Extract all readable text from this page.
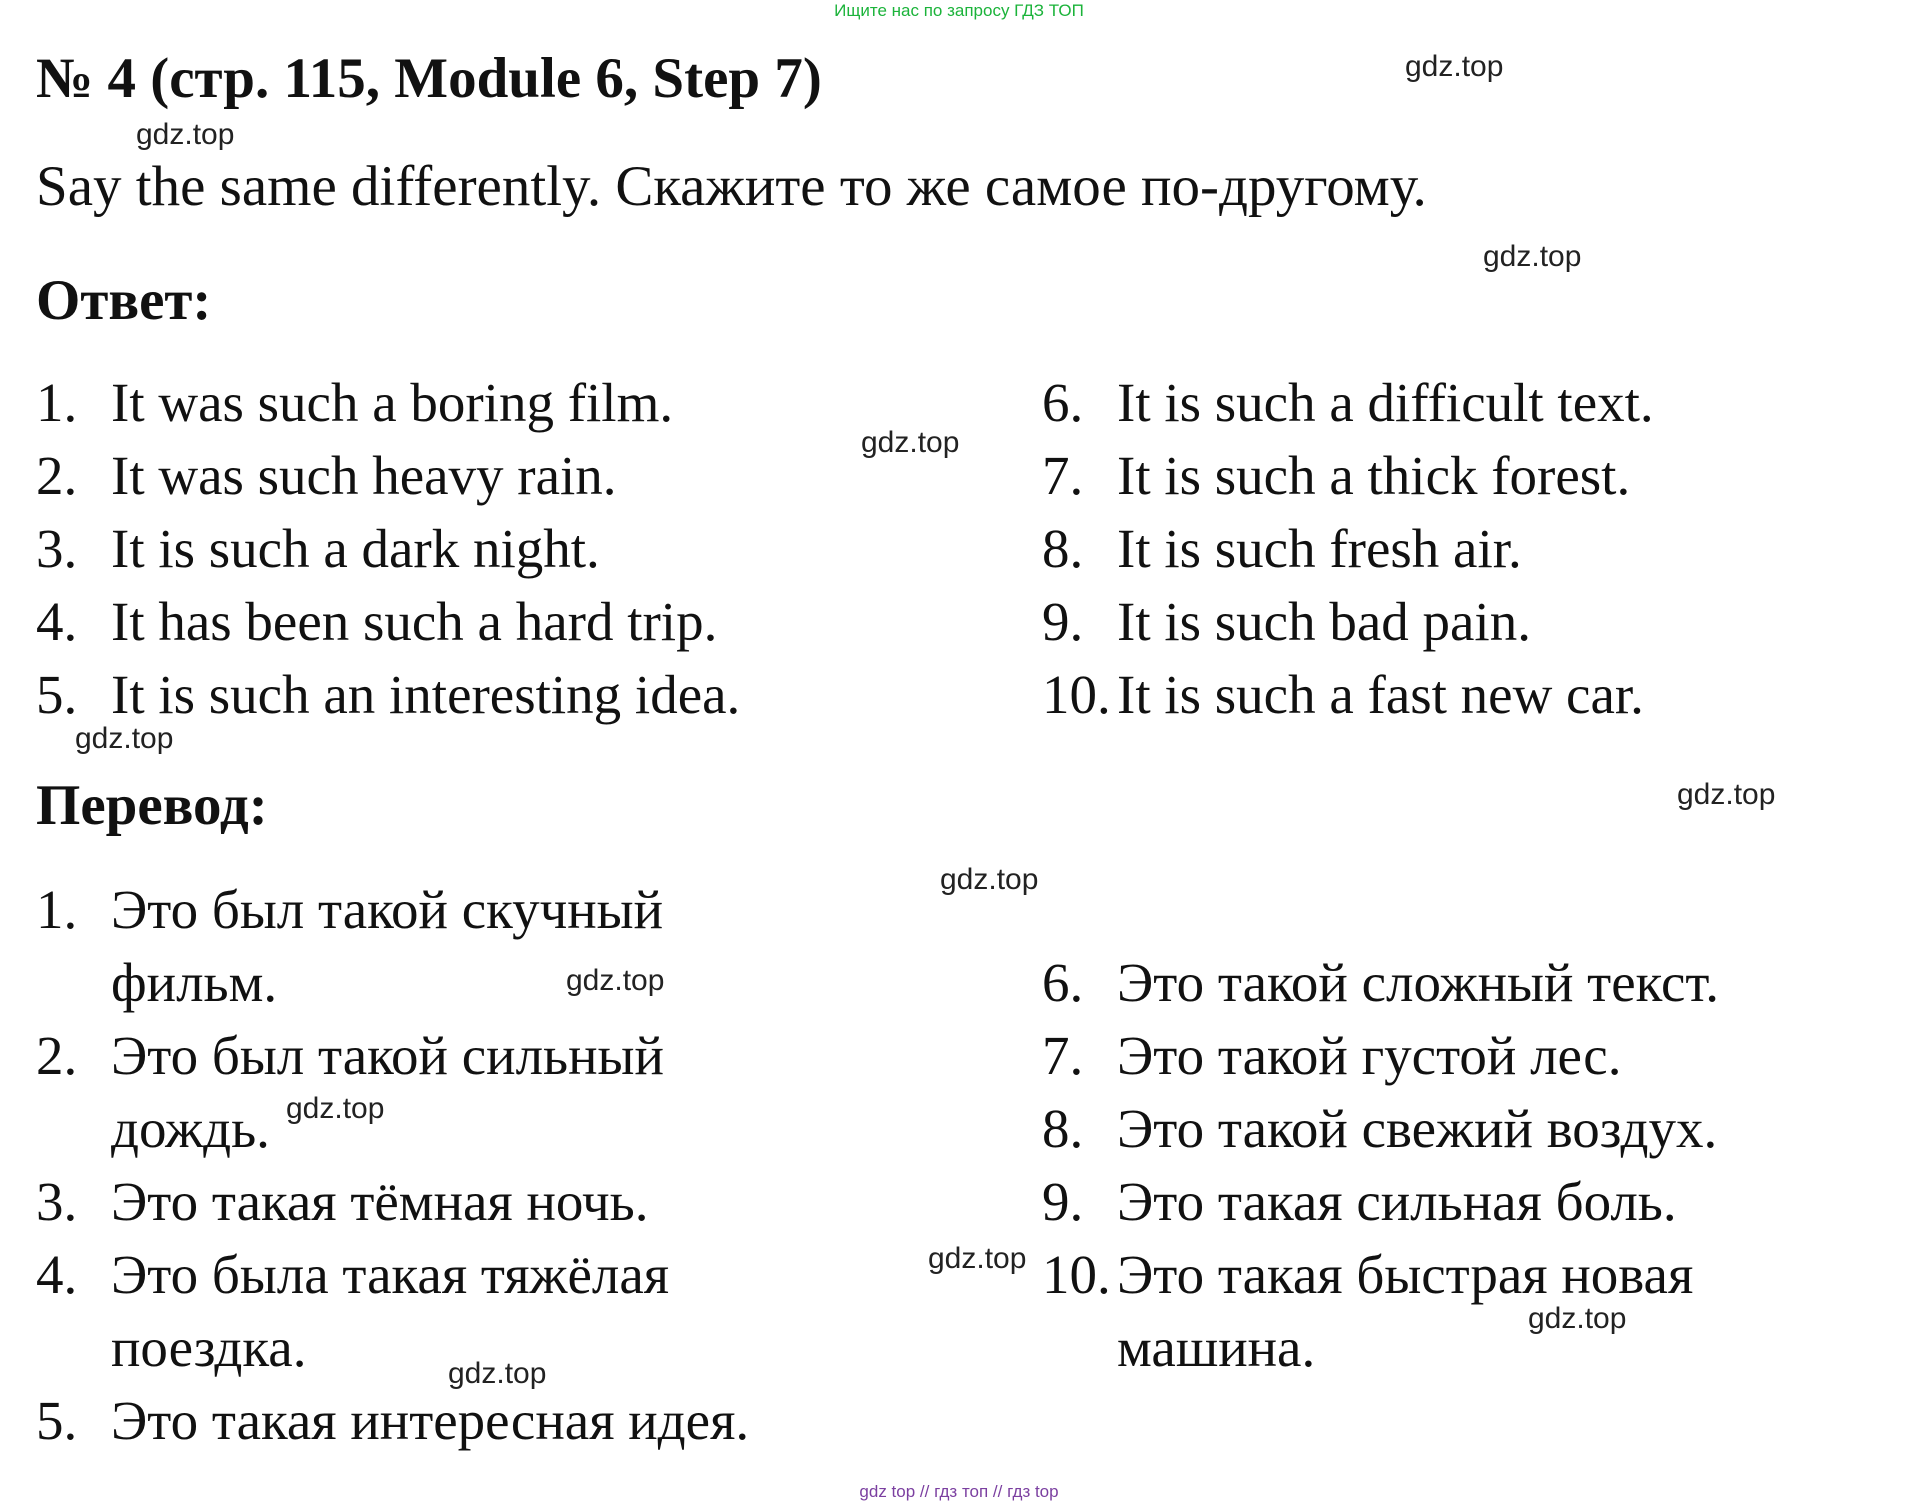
Ищите нас по запросу ГДЗ ТОП
№ 4 (стр. 115, Module 6, Step 7)
Say the same differently. Скажите то же самое по-другому.
Ответ:
1. It was such a boring film.
2. It was such heavy rain.
3. It is such a dark night.
4. It has been such a hard trip.
5. It is such an interesting idea.
6. It is such a difficult text.
7. It is such a thick forest.
8. It is such fresh air.
9. It is such bad pain.
10. It is such a fast new car.
Перевод:
1. Это был такой скучный фильм.
2. Это был такой сильный дождь.
3. Это такая тёмная ночь.
4. Это была такая тяжёлая поездка.
5. Это такая интересная идея.
6. Это такой сложный текст.
7. Это такой густой лес.
8. Это такой свежий воздух.
9. Это такая сильная боль.
10. Это такая быстрая новая машина.
gdz.top
gdz.top
gdz.top
gdz.top
gdz.top
gdz.top
gdz.top
gdz.top
gdz.top
gdz.top
gdz.top
gdz.top
gdz top // гдз топ // гдз top
